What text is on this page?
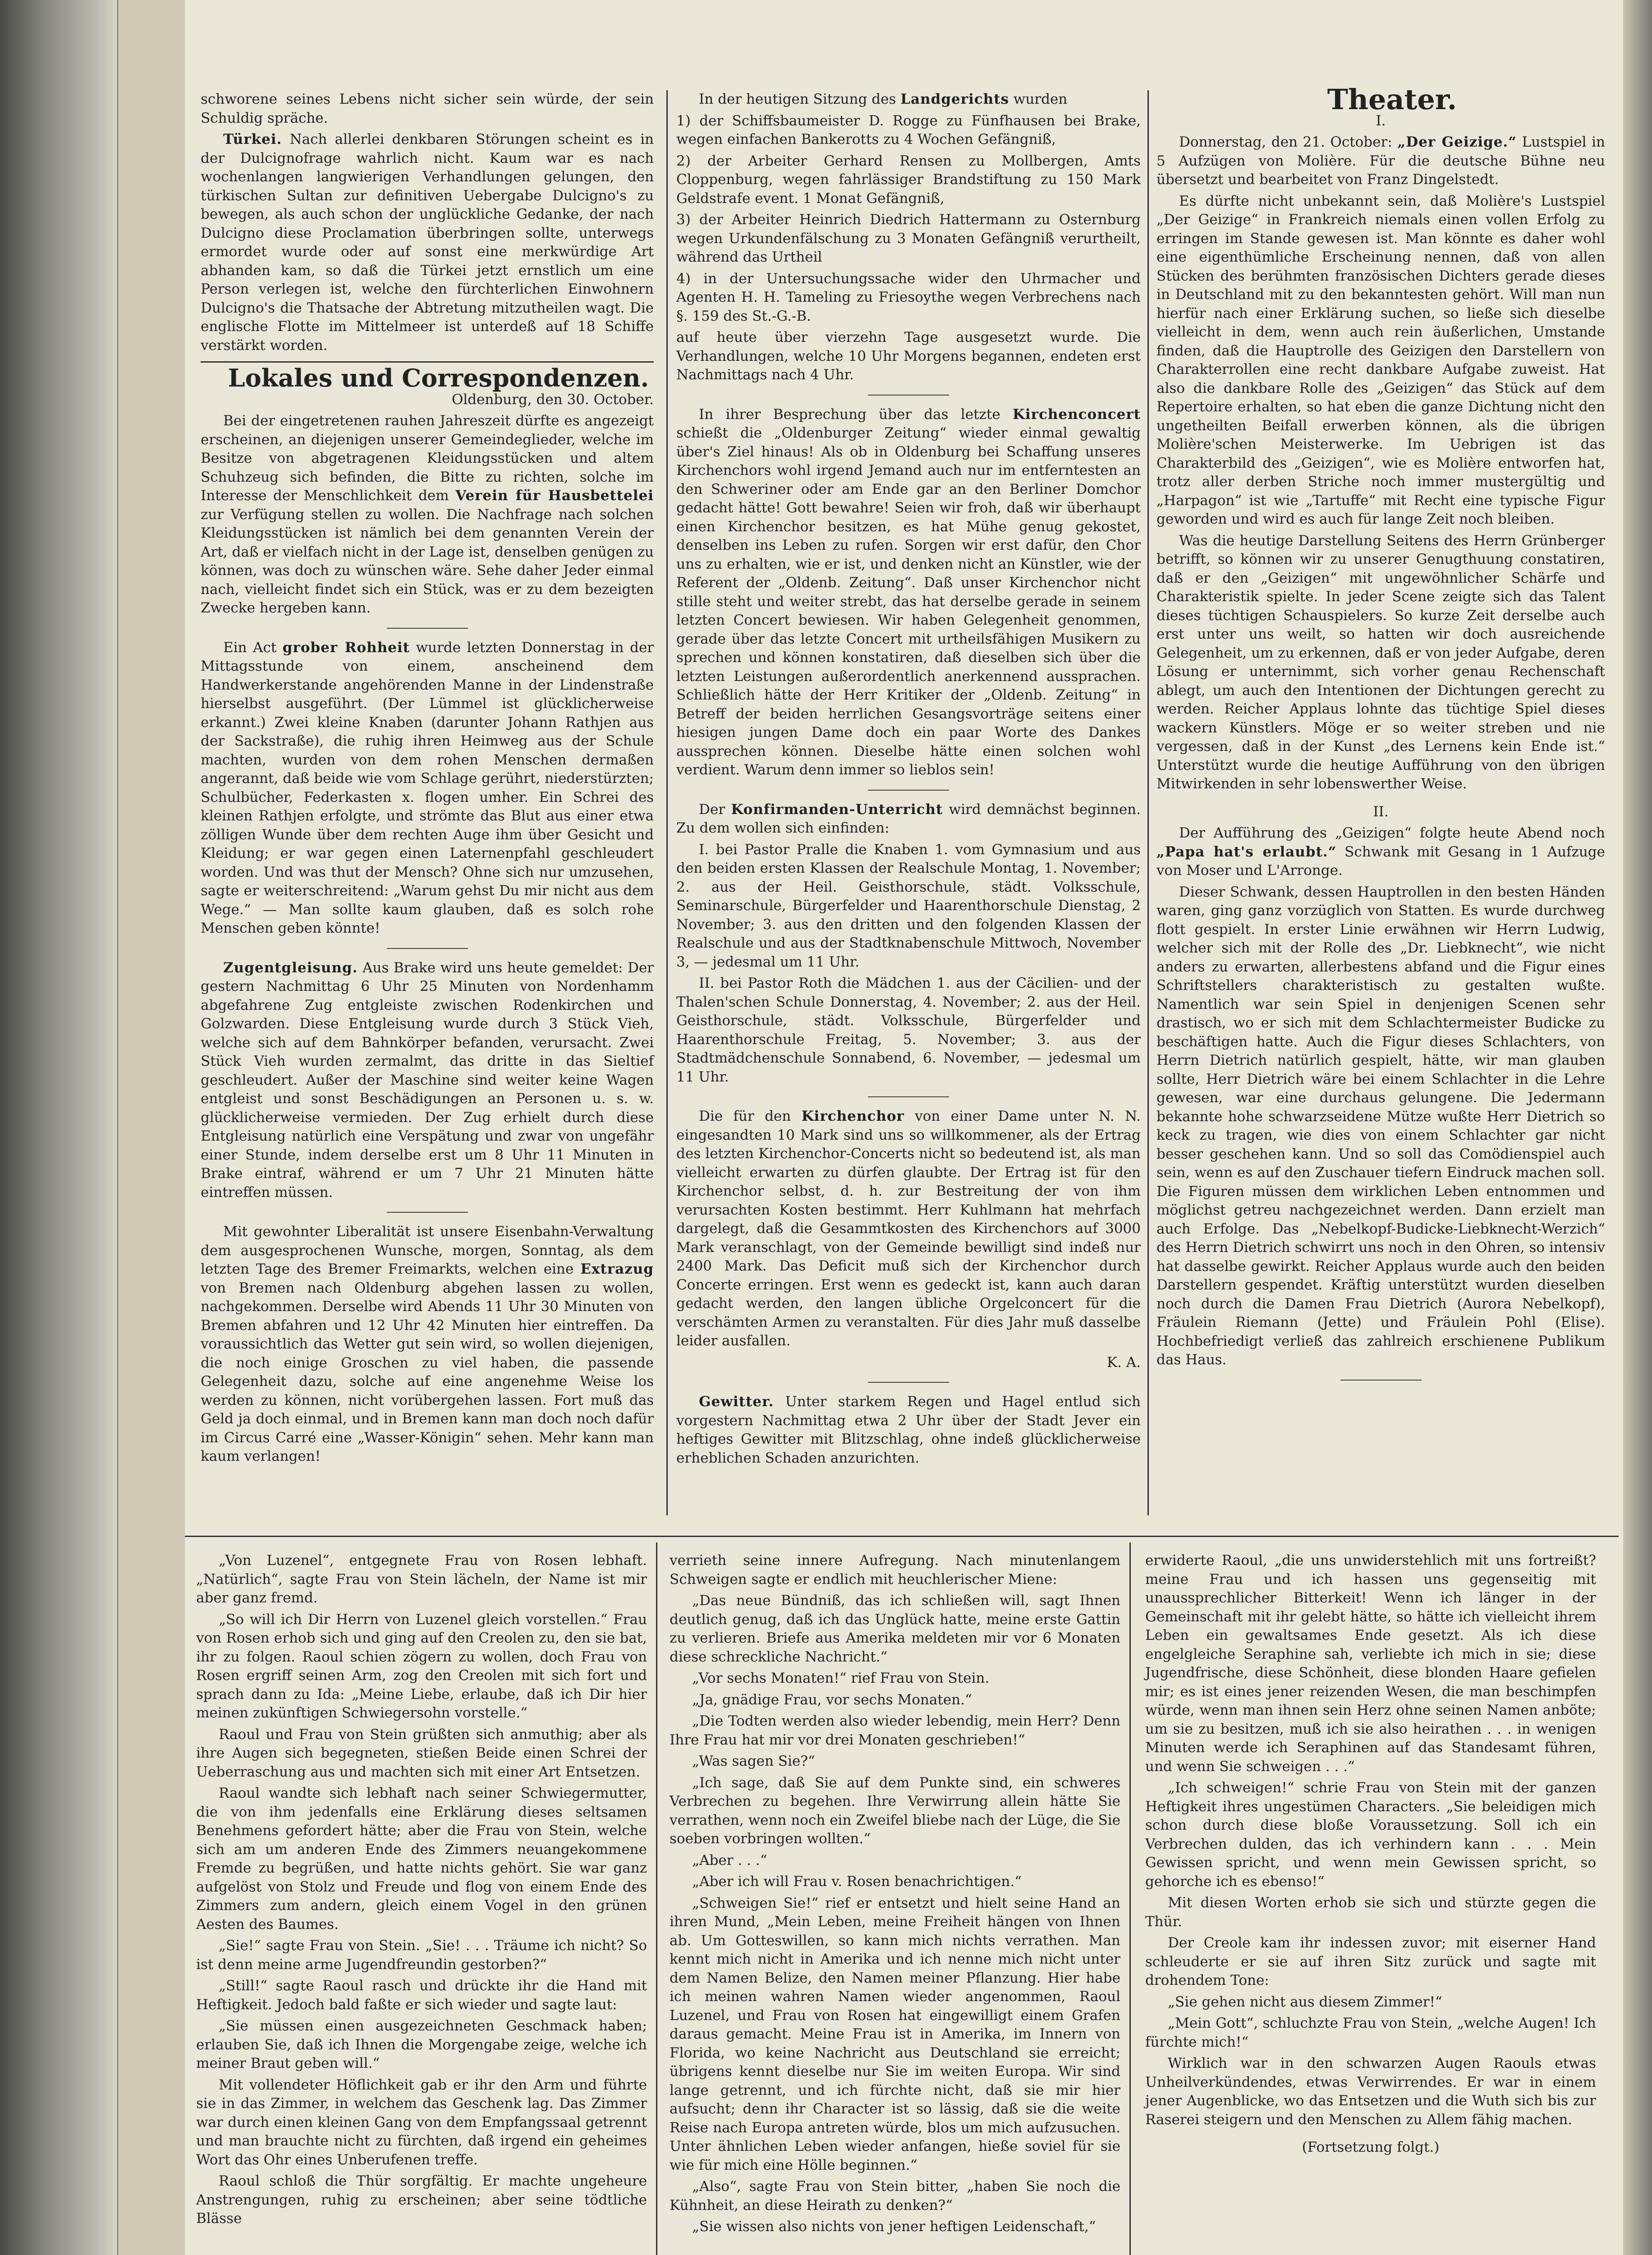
schworene seines Lebens nicht sicher sein würde, der sein Schuldig spräche.

Türkei. Nach allerlei denkbaren Störungen scheint es in der Dulcignofrage wahrlich nicht. Kaum war es nach wochenlangen langwierigen Verhandlungen gelungen, den türkischen Sultan zur definitiven Uebergabe Dulcigno's zu bewegen, als auch schon der unglückliche Gedanke, der nach Dulcigno diese Proclamation überbringen sollte, unterwegs ermordet wurde oder auf sonst eine merkwürdige Art abhanden kam, so daß die Türkei jetzt ernstlich um eine Person verlegen ist, welche den fürchterlichen Einwohnern Dulcigno's die Thatsache der Abtretung mitzutheilen wagt. Die englische Flotte im Mittelmeer ist unterdeß auf 18 Schiffe verstärkt worden.

Lokales und Correspondenzen.

Oldenburg, den 30. October.

Bei der eingetretenen rauhen Jahreszeit dürfte es angezeigt erscheinen, an diejenigen unserer Gemeindeglieder, welche im Besitze von abgetragenen Kleidungsstücken und altem Schuhzeug sich befinden, die Bitte zu richten, solche im Interesse der Menschlichkeit dem Verein für Hausbettelei zur Verfügung stellen zu wollen. Die Nachfrage nach solchen Kleidungsstücken ist nämlich bei dem genannten Verein der Art, daß er vielfach nicht in der Lage ist, denselben genügen zu können, was doch zu wünschen wäre. Sehe daher Jeder einmal nach, vielleicht findet sich ein Stück, was er zu dem bezeigten Zwecke hergeben kann.

Ein Act grober Rohheit wurde letzten Donnerstag in der Mittagsstunde von einem, anscheinend dem Handwerkerstande angehörenden Manne in der Lindenstraße hierselbst ausgeführt. (Der Lümmel ist glücklicherweise erkannt.) Zwei kleine Knaben (darunter Johann Rathjen aus der Sackstraße), die ruhig ihren Heimweg aus der Schule machten, wurden von dem rohen Menschen dermaßen angerannt, daß beide wie vom Schlage gerührt, niederstürzten; Schulbücher, Federkasten x. flogen umher. Ein Schrei des kleinen Rathjen erfolgte, und strömte das Blut aus einer etwa zölligen Wunde über dem rechten Auge ihm über Gesicht und Kleidung; er war gegen einen Laternenpfahl geschleudert worden. Und was thut der Mensch? Ohne sich nur umzusehen, sagte er weiterschreitend: „Warum gehst Du mir nicht aus dem Wege.“ — Man sollte kaum glauben, daß es solch rohe Menschen geben könnte!

Zugentgleisung. Aus Brake wird uns heute gemeldet: Der gestern Nachmittag 6 Uhr 25 Minuten von Nordenhamm abgefahrene Zug entgleiste zwischen Rodenkirchen und Golzwarden. Diese Entgleisung wurde durch 3 Stück Vieh, welche sich auf dem Bahnkörper befanden, verursacht. Zwei Stück Vieh wurden zermalmt, das dritte in das Sieltief geschleudert. Außer der Maschine sind weiter keine Wagen entgleist und sonst Beschädigungen an Personen u. s. w. glücklicherweise vermieden. Der Zug erhielt durch diese Entgleisung natürlich eine Verspätung und zwar von ungefähr einer Stunde, indem derselbe erst um 8 Uhr 11 Minuten in Brake eintraf, während er um 7 Uhr 21 Minuten hätte eintreffen müssen.

Mit gewohnter Liberalität ist unsere Eisenbahn-Verwaltung dem ausgesprochenen Wunsche, morgen, Sonntag, als dem letzten Tage des Bremer Freimarkts, welchen eine Extrazug von Bremen nach Oldenburg abgehen lassen zu wollen, nachgekommen. Derselbe wird Abends 11 Uhr 30 Minuten von Bremen abfahren und 12 Uhr 42 Minuten hier eintreffen. Da voraussichtlich das Wetter gut sein wird, so wollen diejenigen, die noch einige Groschen zu viel haben, die passende Gelegenheit dazu, solche auf eine angenehme Weise los werden zu können, nicht vorübergehen lassen. Fort muß das Geld ja doch einmal, und in Bremen kann man doch noch dafür im Circus Carré eine „Wasser-Königin“ sehen. Mehr kann man kaum verlangen!

In der heutigen Sitzung des Landgerichts wurden

1) der Schiffsbaumeister D. Rogge zu Fünfhausen bei Brake, wegen einfachen Bankerotts zu 4 Wochen Gefängniß,

2) der Arbeiter Gerhard Rensen zu Mollbergen, Amts Cloppenburg, wegen fahrlässiger Brandstiftung zu 150 Mark Geldstrafe event. 1 Monat Gefängniß,

3) der Arbeiter Heinrich Diedrich Hattermann zu Osternburg wegen Urkundenfälschung zu 3 Monaten Gefängniß verurtheilt, während das Urtheil

4) in der Untersuchungssache wider den Uhrmacher und Agenten H. H. Tameling zu Friesoythe wegen Verbrechens nach §. 159 des St.-G.-B.

auf heute über vierzehn Tage ausgesetzt wurde. Die Verhandlungen, welche 10 Uhr Morgens begannen, endeten erst Nachmittags nach 4 Uhr.

In ihrer Besprechung über das letzte Kirchenconcert schießt die „Oldenburger Zeitung“ wieder einmal gewaltig über's Ziel hinaus! Als ob in Oldenburg bei Schaffung unseres Kirchenchors wohl irgend Jemand auch nur im entferntesten an den Schweriner oder am Ende gar an den Berliner Domchor gedacht hätte! Gott bewahre! Seien wir froh, daß wir überhaupt einen Kirchenchor besitzen, es hat Mühe genug gekostet, denselben ins Leben zu rufen. Sorgen wir erst dafür, den Chor uns zu erhalten, wie er ist, und denken nicht an Künstler, wie der Referent der „Oldenb. Zeitung“. Daß unser Kirchenchor nicht stille steht und weiter strebt, das hat derselbe gerade in seinem letzten Concert bewiesen. Wir haben Gelegenheit genommen, gerade über das letzte Concert mit urtheilsfähigen Musikern zu sprechen und können konstatiren, daß dieselben sich über die letzten Leistungen außerordentlich anerkennend aussprachen. Schließlich hätte der Herr Kritiker der „Oldenb. Zeitung“ in Betreff der beiden herrlichen Gesangsvorträge seitens einer hiesigen jungen Dame doch ein paar Worte des Dankes aussprechen können. Dieselbe hätte einen solchen wohl verdient. Warum denn immer so lieblos sein!

Der Konfirmanden-Unterricht wird demnächst beginnen. Zu dem wollen sich einfinden:

I. bei Pastor Pralle die Knaben 1. vom Gymnasium und aus den beiden ersten Klassen der Realschule Montag, 1. November; 2. aus der Heil. Geisthorschule, städt. Volksschule, Seminarschule, Bürgerfelder und Haarenthorschule Dienstag, 2 November; 3. aus den dritten und den folgenden Klassen der Realschule und aus der Stadtknabenschule Mittwoch, November 3, — jedesmal um 11 Uhr.

II. bei Pastor Roth die Mädchen 1. aus der Cäcilien- und der Thalen'schen Schule Donnerstag, 4. November; 2. aus der Heil. Geisthorschule, städt. Volksschule, Bürgerfelder und Haarenthorschule Freitag, 5. November; 3. aus der Stadtmädchenschule Sonnabend, 6. November, — jedesmal um 11 Uhr.

Die für den Kirchenchor von einer Dame unter N. N. eingesandten 10 Mark sind uns so willkommener, als der Ertrag des letzten Kirchenchor-Concerts nicht so bedeutend ist, als man vielleicht erwarten zu dürfen glaubte. Der Ertrag ist für den Kirchenchor selbst, d. h. zur Bestreitung der von ihm verursachten Kosten bestimmt. Herr Kuhlmann hat mehrfach dargelegt, daß die Gesammtkosten des Kirchenchors auf 3000 Mark veranschlagt, von der Gemeinde bewilligt sind indeß nur 2400 Mark. Das Deficit muß sich der Kirchenchor durch Concerte erringen. Erst wenn es gedeckt ist, kann auch daran gedacht werden, den langen übliche Orgelconcert für die verschämten Armen zu veranstalten. Für dies Jahr muß dasselbe leider ausfallen.

K. A.

Gewitter. Unter starkem Regen und Hagel entlud sich vorgestern Nachmittag etwa 2 Uhr über der Stadt Jever ein heftiges Gewitter mit Blitzschlag, ohne indeß glücklicherweise erheblichen Schaden anzurichten.

Theater.

I.

Donnerstag, den 21. October: „Der Geizige.“ Lustspiel in 5 Aufzügen von Molière. Für die deutsche Bühne neu übersetzt und bearbeitet von Franz Dingelstedt.

Es dürfte nicht unbekannt sein, daß Molière's Lustspiel „Der Geizige“ in Frankreich niemals einen vollen Erfolg zu erringen im Stande gewesen ist. Man könnte es daher wohl eine eigenthümliche Erscheinung nennen, daß von allen Stücken des berühmten französischen Dichters gerade dieses in Deutschland mit zu den bekanntesten gehört. Will man nun hierfür nach einer Erklärung suchen, so ließe sich dieselbe vielleicht in dem, wenn auch rein äußerlichen, Umstande finden, daß die Hauptrolle des Geizigen den Darstellern von Charakterrollen eine recht dankbare Aufgabe zuweist. Hat also die dankbare Rolle des „Geizigen“ das Stück auf dem Repertoire erhalten, so hat eben die ganze Dichtung nicht den ungetheilten Beifall erwerben können, als die übrigen Molière'schen Meisterwerke. Im Uebrigen ist das Charakterbild des „Geizigen“, wie es Molière entworfen hat, trotz aller derben Striche noch immer mustergültig und „Harpagon“ ist wie „Tartuffe“ mit Recht eine typische Figur geworden und wird es auch für lange Zeit noch bleiben.

Was die heutige Darstellung Seitens des Herrn Grünberger betrifft, so können wir zu unserer Genugthuung constatiren, daß er den „Geizigen“ mit ungewöhnlicher Schärfe und Charakteristik spielte. In jeder Scene zeigte sich das Talent dieses tüchtigen Schauspielers. So kurze Zeit derselbe auch erst unter uns weilt, so hatten wir doch ausreichende Gelegenheit, um zu erkennen, daß er von jeder Aufgabe, deren Lösung er unternimmt, sich vorher genau Rechenschaft ablegt, um auch den Intentionen der Dichtungen gerecht zu werden. Reicher Applaus lohnte das tüchtige Spiel dieses wackern Künstlers. Möge er so weiter streben und nie vergessen, daß in der Kunst „des Lernens kein Ende ist.“ Unterstützt wurde die heutige Aufführung von den übrigen Mitwirkenden in sehr lobenswerther Weise.

II.

Der Aufführung des „Geizigen“ folgte heute Abend noch „Papa hat's erlaubt.“ Schwank mit Gesang in 1 Aufzuge von Moser und L'Arronge.

Dieser Schwank, dessen Hauptrollen in den besten Händen waren, ging ganz vorzüglich von Statten. Es wurde durchweg flott gespielt. In erster Linie erwähnen wir Herrn Ludwig, welcher sich mit der Rolle des „Dr. Liebknecht“, wie nicht anders zu erwarten, allerbestens abfand und die Figur eines Schriftstellers charakteristisch zu gestalten wußte. Namentlich war sein Spiel in denjenigen Scenen sehr drastisch, wo er sich mit dem Schlachtermeister Budicke zu beschäftigen hatte. Auch die Figur dieses Schlachters, von Herrn Dietrich natürlich gespielt, hätte, wir man glauben sollte, Herr Dietrich wäre bei einem Schlachter in die Lehre gewesen, war eine durchaus gelungene. Die Jedermann bekannte hohe schwarzseidene Mütze wußte Herr Dietrich so keck zu tragen, wie dies von einem Schlachter gar nicht besser geschehen kann. Und so soll das Comödienspiel auch sein, wenn es auf den Zuschauer tiefern Eindruck machen soll. Die Figuren müssen dem wirklichen Leben entnommen und möglichst getreu nachgezeichnet werden. Dann erzielt man auch Erfolge. Das „Nebelkopf-Budicke-Liebknecht-Werzich“ des Herrn Dietrich schwirrt uns noch in den Ohren, so intensiv hat dasselbe gewirkt. Reicher Applaus wurde auch den beiden Darstellern gespendet. Kräftig unterstützt wurden dieselben noch durch die Damen Frau Dietrich (Aurora Nebelkopf), Fräulein Riemann (Jette) und Fräulein Pohl (Elise). Hochbefriedigt verließ das zahlreich erschienene Publikum das Haus.

„Von Luzenel“, entgegnete Frau von Rosen lebhaft. „Natürlich“, sagte Frau von Stein lächeln, der Name ist mir aber ganz fremd.

„So will ich Dir Herrn von Luzenel gleich vorstellen.“ Frau von Rosen erhob sich und ging auf den Creolen zu, den sie bat, ihr zu folgen. Raoul schien zögern zu wollen, doch Frau von Rosen ergriff seinen Arm, zog den Creolen mit sich fort und sprach dann zu Ida: „Meine Liebe, erlaube, daß ich Dir hier meinen zukünftigen Schwiegersohn vorstelle.“

Raoul und Frau von Stein grüßten sich anmuthig; aber als ihre Augen sich begegneten, stießen Beide einen Schrei der Ueberraschung aus und machten sich mit einer Art Entsetzen.

Raoul wandte sich lebhaft nach seiner Schwiegermutter, die von ihm jedenfalls eine Erklärung dieses seltsamen Benehmens gefordert hätte; aber die Frau von Stein, welche sich am um anderen Ende des Zimmers neuangekommene Fremde zu begrüßen, und hatte nichts gehört. Sie war ganz aufgelöst von Stolz und Freude und flog von einem Ende des Zimmers zum andern, gleich einem Vogel in den grünen Aesten des Baumes.

„Sie!“ sagte Frau von Stein. „Sie! . . . Träume ich nicht? So ist denn meine arme Jugendfreundin gestorben?“

„Still!“ sagte Raoul rasch und drückte ihr die Hand mit Heftigkeit. Jedoch bald faßte er sich wieder und sagte laut:

„Sie müssen einen ausgezeichneten Geschmack haben; erlauben Sie, daß ich Ihnen die Morgengabe zeige, welche ich meiner Braut geben will.“

Mit vollendeter Höflichkeit gab er ihr den Arm und führte sie in das Zimmer, in welchem das Geschenk lag. Das Zimmer war durch einen kleinen Gang von dem Empfangssaal getrennt und man brauchte nicht zu fürchten, daß irgend ein geheimes Wort das Ohr eines Unberufenen treffe.

Raoul schloß die Thür sorgfältig. Er machte ungeheure Anstrengungen, ruhig zu erscheinen; aber seine tödtliche Blässe

verrieth seine innere Aufregung. Nach minutenlangem Schweigen sagte er endlich mit heuchlerischer Miene:

„Das neue Bündniß, das ich schließen will, sagt Ihnen deutlich genug, daß ich das Unglück hatte, meine erste Gattin zu verlieren. Briefe aus Amerika meldeten mir vor 6 Monaten diese schreckliche Nachricht.“

„Vor sechs Monaten!“ rief Frau von Stein.

„Ja, gnädige Frau, vor sechs Monaten.“

„Die Todten werden also wieder lebendig, mein Herr? Denn Ihre Frau hat mir vor drei Monaten geschrieben!“

„Was sagen Sie?“

„Ich sage, daß Sie auf dem Punkte sind, ein schweres Verbrechen zu begehen. Ihre Verwirrung allein hätte Sie verrathen, wenn noch ein Zweifel bliebe nach der Lüge, die Sie soeben vorbringen wollten.“

„Aber . . .“

„Aber ich will Frau v. Rosen benachrichtigen.“

„Schweigen Sie!“ rief er entsetzt und hielt seine Hand an ihren Mund, „Mein Leben, meine Freiheit hängen von Ihnen ab. Um Gotteswillen, so kann mich nichts verrathen. Man kennt mich nicht in Amerika und ich nenne mich nicht unter dem Namen Belize, den Namen meiner Pflanzung. Hier habe ich meinen wahren Namen wieder angenommen, Raoul Luzenel, und Frau von Rosen hat eingewilligt einem Grafen daraus gemacht. Meine Frau ist in Amerika, im Innern von Florida, wo keine Nachricht aus Deutschland sie erreicht; übrigens kennt dieselbe nur Sie im weiten Europa. Wir sind lange getrennt, und ich fürchte nicht, daß sie mir hier aufsucht; denn ihr Character ist so lässig, daß sie die weite Reise nach Europa antreten würde, blos um mich aufzusuchen. Unter ähnlichen Leben wieder anfangen, hieße soviel für sie wie für mich eine Hölle beginnen.“

„Also“, sagte Frau von Stein bitter, „haben Sie noch die Kühnheit, an diese Heirath zu denken?“

„Sie wissen also nichts von jener heftigen Leidenschaft,“

erwiderte Raoul, „die uns unwiderstehlich mit uns fortreißt? meine Frau und ich hassen uns gegenseitig mit unaussprechlicher Bitterkeit! Wenn ich länger in der Gemeinschaft mit ihr gelebt hätte, so hätte ich vielleicht ihrem Leben ein gewaltsames Ende gesetzt. Als ich diese engelgleiche Seraphine sah, verliebte ich mich in sie; diese Jugendfrische, diese Schönheit, diese blonden Haare gefielen mir; es ist eines jener reizenden Wesen, die man beschimpfen würde, wenn man ihnen sein Herz ohne seinen Namen anböte; um sie zu besitzen, muß ich sie also heirathen . . . in wenigen Minuten werde ich Seraphinen auf das Standesamt führen, und wenn Sie schweigen . . .“

„Ich schweigen!“ schrie Frau von Stein mit der ganzen Heftigkeit ihres ungestümen Characters. „Sie beleidigen mich schon durch diese bloße Voraussetzung. Soll ich ein Verbrechen dulden, das ich verhindern kann . . . Mein Gewissen spricht, und wenn mein Gewissen spricht, so gehorche ich es ebenso!“

Mit diesen Worten erhob sie sich und stürzte gegen die Thür.

Der Creole kam ihr indessen zuvor; mit eiserner Hand schleuderte er sie auf ihren Sitz zurück und sagte mit drohendem Tone:

„Sie gehen nicht aus diesem Zimmer!“

„Mein Gott“, schluchzte Frau von Stein, „welche Augen! Ich fürchte mich!“

Wirklich war in den schwarzen Augen Raouls etwas Unheilverkündendes, etwas Verwirrendes. Er war in einem jener Augenblicke, wo das Entsetzen und die Wuth sich bis zur Raserei steigern und den Menschen zu Allem fähig machen.

(Fortsetzung folgt.)
